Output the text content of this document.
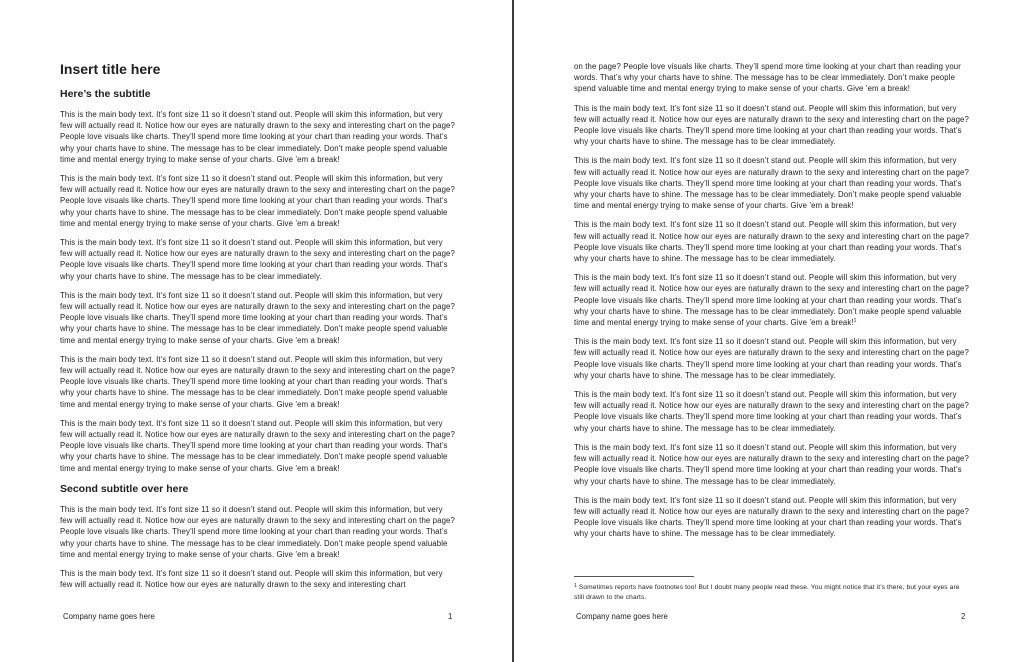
Insert title here
Here’s the subtitle

This is the main body text. It’s font size 11 so it doesn’t stand out. People will skim this information, but very few will actually read it. Notice how our eyes are naturally drawn to the sexy and interesting chart on the page? People love visuals like charts. They’ll spend more time looking at your chart than reading your words. That’s why your charts have to shine. The message has to be clear immediately. Don’t make people spend valuable time and mental energy trying to make sense of your charts. Give ’em a break!

This is the main body text. It’s font size 11 so it doesn’t stand out. People will skim this information, but very few will actually read it. Notice how our eyes are naturally drawn to the sexy and interesting chart on the page? People love visuals like charts. They’ll spend more time looking at your chart than reading your words. That’s why your charts have to shine. The message has to be clear immediately. Don’t make people spend valuable time and mental energy trying to make sense of your charts. Give ’em a break!

This is the main body text. It’s font size 11 so it doesn’t stand out. People will skim this information, but very few will actually read it. Notice how our eyes are naturally drawn to the sexy and interesting chart on the page? People love visuals like charts. They’ll spend more time looking at your chart than reading your words. That’s why your charts have to shine. The message has to be clear immediately.

This is the main body text. It’s font size 11 so it doesn’t stand out. People will skim this information, but very few will actually read it. Notice how our eyes are naturally drawn to the sexy and interesting chart on the page? People love visuals like charts. They’ll spend more time looking at your chart than reading your words. That’s why your charts have to shine. The message has to be clear immediately. Don’t make people spend valuable time and mental energy trying to make sense of your charts. Give ’em a break!

This is the main body text. It’s font size 11 so it doesn’t stand out. People will skim this information, but very few will actually read it. Notice how our eyes are naturally drawn to the sexy and interesting chart on the page? People love visuals like charts. They’ll spend more time looking at your chart than reading your words. That’s why your charts have to shine. The message has to be clear immediately. Don’t make people spend valuable time and mental energy trying to make sense of your charts. Give ’em a break!

This is the main body text. It’s font size 11 so it doesn’t stand out. People will skim this information, but very few will actually read it. Notice how our eyes are naturally drawn to the sexy and interesting chart on the page? People love visuals like charts. They’ll spend more time looking at your chart than reading your words. That’s why your charts have to shine. The message has to be clear immediately. Don’t make people spend valuable time and mental energy trying to make sense of your charts. Give ’em a break!

Second subtitle over here

This is the main body text. It’s font size 11 so it doesn’t stand out. People will skim this information, but very few will actually read it. Notice how our eyes are naturally drawn to the sexy and interesting chart on the page? People love visuals like charts. They’ll spend more time looking at your chart than reading your words. That’s why your charts have to shine. The message has to be clear immediately. Don’t make people spend valuable time and mental energy trying to make sense of your charts. Give ’em a break!

This is the main body text. It’s font size 11 so it doesn’t stand out. People will skim this information, but very few will actually read it. Notice how our eyes are naturally drawn to the sexy and interesting chart

Company name goes here	1

on the page? People love visuals like charts. They’ll spend more time looking at your chart than reading your words. That’s why your charts have to shine. The message has to be clear immediately. Don’t make people spend valuable time and mental energy trying to make sense of your charts. Give ’em a break!

This is the main body text. It’s font size 11 so it doesn’t stand out. People will skim this information, but very few will actually read it. Notice how our eyes are naturally drawn to the sexy and interesting chart on the page? People love visuals like charts. They’ll spend more time looking at your chart than reading your words. That’s why your charts have to shine. The message has to be clear immediately.

This is the main body text. It’s font size 11 so it doesn’t stand out. People will skim this information, but very few will actually read it. Notice how our eyes are naturally drawn to the sexy and interesting chart on the page? People love visuals like charts. They’ll spend more time looking at your chart than reading your words. That’s why your charts have to shine. The message has to be clear immediately. Don’t make people spend valuable time and mental energy trying to make sense of your charts. Give ’em a break!

This is the main body text. It’s font size 11 so it doesn’t stand out. People will skim this information, but very few will actually read it. Notice how our eyes are naturally drawn to the sexy and interesting chart on the page? People love visuals like charts. They’ll spend more time looking at your chart than reading your words. That’s why your charts have to shine. The message has to be clear immediately.

This is the main body text. It’s font size 11 so it doesn’t stand out. People will skim this information, but very few will actually read it. Notice how our eyes are naturally drawn to the sexy and interesting chart on the page? People love visuals like charts. They’ll spend more time looking at your chart than reading your words. That’s why your charts have to shine. The message has to be clear immediately. Don’t make people spend valuable time and mental energy trying to make sense of your charts. Give ’em a break!$^1$

This is the main body text. It’s font size 11 so it doesn’t stand out. People will skim this information, but very few will actually read it. Notice how our eyes are naturally drawn to the sexy and interesting chart on the page? People love visuals like charts. They’ll spend more time looking at your chart than reading your words. That’s why your charts have to shine. The message has to be clear immediately.

This is the main body text. It’s font size 11 so it doesn’t stand out. People will skim this information, but very few will actually read it. Notice how our eyes are naturally drawn to the sexy and interesting chart on the page? People love visuals like charts. They’ll spend more time looking at your chart than reading your words. That’s why your charts have to shine. The message has to be clear immediately.

This is the main body text. It’s font size 11 so it doesn’t stand out. People will skim this information, but very few will actually read it. Notice how our eyes are naturally drawn to the sexy and interesting chart on the page? People love visuals like charts. They’ll spend more time looking at your chart than reading your words. That’s why your charts have to shine. The message has to be clear immediately.

This is the main body text. It’s font size 11 so it doesn’t stand out. People will skim this information, but very few will actually read it. Notice how our eyes are naturally drawn to the sexy and interesting chart on the page? People love visuals like charts. They’ll spend more time looking at your chart than reading your words. That’s why your charts have to shine. The message has to be clear immediately.

$^1$ Sometimes reports have footnotes too! But I doubt many people read these. You might notice that it’s there, but your eyes are still drawn to the charts.

Company name goes here	2
